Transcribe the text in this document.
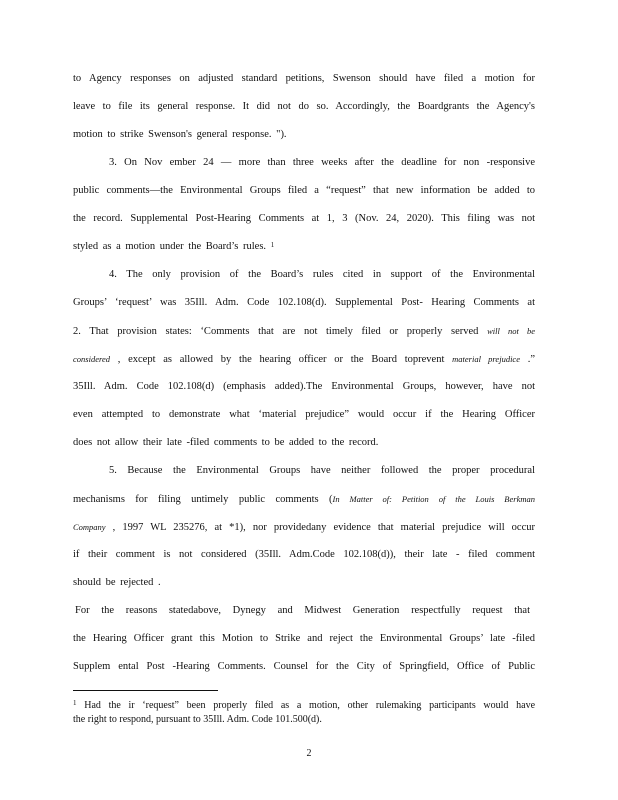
to Agency responses on adjusted standard petitions, Swenson should have filed a motion for
leave to file its general response. It did not do so. Accordingly, the Boardgrants the Agency's
motion to strike Swenson's general response. ").
3. On Nov ember 24 — more than three weeks after the deadline for non -responsive
public comments—the Environmental Groups filed a “request” that new information be added to
the record. Supplemental Post-Hearing Comments at 1, 3 (Nov. 24, 2020). This filing was not
styled as a motion under the Board’s rules. $^1$
4. The only provision of the Board’s rules cited in support of the Environmental
Groups’ ‘request’ was 35Ill. Adm. Code 102.108(d). Supplemental Post- Hearing Comments at
2. That provision states: ‘Comments that are not timely filed or properly served will not be
considered , except as allowed by the hearing officer or the Board toprevent material prejudice .”
35Ill. Adm. Code 102.108(d) (emphasis added).The Environmental Groups, however, have not
even attempted to demonstrate what ‘material prejudice” would occur if the Hearing Officer
does not allow their late -filed comments to be added to the record.
5. Because the Environmental Groups have neither followed the proper procedural
mechanisms for filing untimely public comments (In Matter of: Petition of the Louis Berkman
Company , 1997 WL 235276, at *1), nor providedany evidence that material prejudice will occur
if their comment is not considered (35Ill. Adm.Code 102.108(d)), their late - filed comment
should be rejected .
For the reasons statedabove, Dynegy and Midwest Generation respectfully request that
the Hearing Officer grant this Motion to Strike and reject the Environmental Groups’ late -filed
Supplem ental Post -Hearing Comments. Counsel for the City of Springfield, Office of Public
$^1$ Had the ir ‘request” been properly filed as a motion, other rulemaking participants would have
the right to respond, pursuant to 35Ill. Adm. Code 101.500(d).
2
